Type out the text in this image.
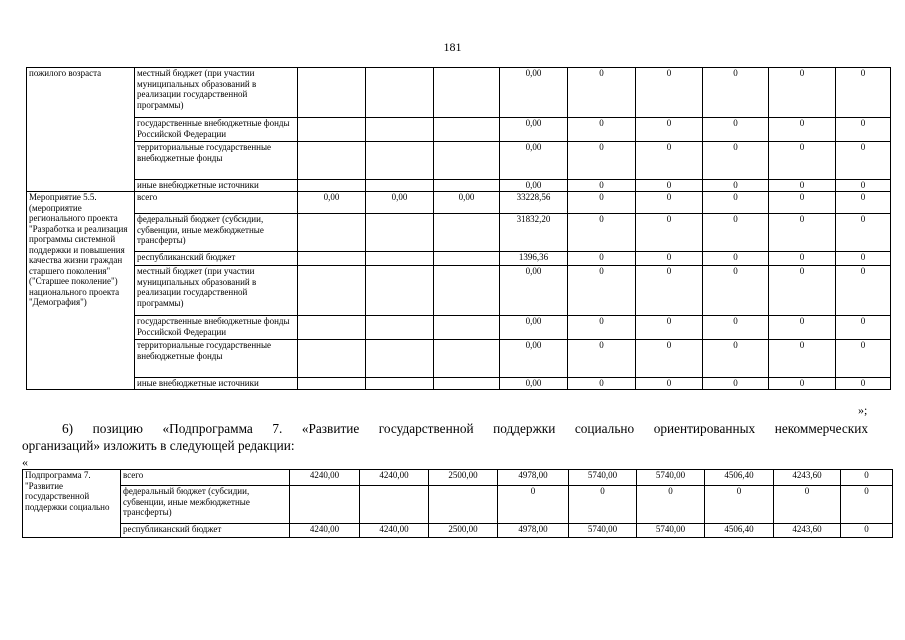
181
пожилого возраста	местный бюджет (при участии муниципальных образований в реализации государственной программы)				0,00	0	0	0	0	0
	государственные внебюджетные фонды Российской Федерации				0,00	0	0	0	0	0
	территориальные государственные внебюджетные фонды				0,00	0	0	0	0	0
	иные внебюджетные источники				0,00	0	0	0	0	0
Мероприятие 5.5. (мероприятие регионального проекта "Разработка и реализация программы системной поддержки и повышения качества жизни граждан старшего поколения" ("Старшее поколение") национального проекта "Демография")	всего	0,00	0,00	0,00	33228,56	0	0	0	0	0
	федеральный бюджет (субсидии, субвенции, иные межбюджетные трансферты)				31832,20	0	0	0	0	0
	республиканский бюджет				1396,36	0	0	0	0	0
	местный бюджет (при участии муниципальных образований в реализации государственной программы)				0,00	0	0	0	0	0
	государственные внебюджетные фонды Российской Федерации				0,00	0	0	0	0	0
	территориальные государственные внебюджетные фонды				0,00	0	0	0	0	0
	иные внебюджетные источники				0,00	0	0	0	0	0
»;
6) позицию «Подпрограмма 7. «Развитие государственной поддержки социально ориентированных некоммерческих
организаций» изложить в следующей редакции:
«
Подпрограмма 7. "Развитие государственной поддержки социально	всего	4240,00	4240,00	2500,00	4978,00	5740,00	5740,00	4506,40	4243,60	0
	федеральный бюджет (субсидии, субвенции, иные межбюджетные трансферты)				0	0	0	0	0	0
	республиканский бюджет	4240,00	4240,00	2500,00	4978,00	5740,00	5740,00	4506,40	4243,60	0
